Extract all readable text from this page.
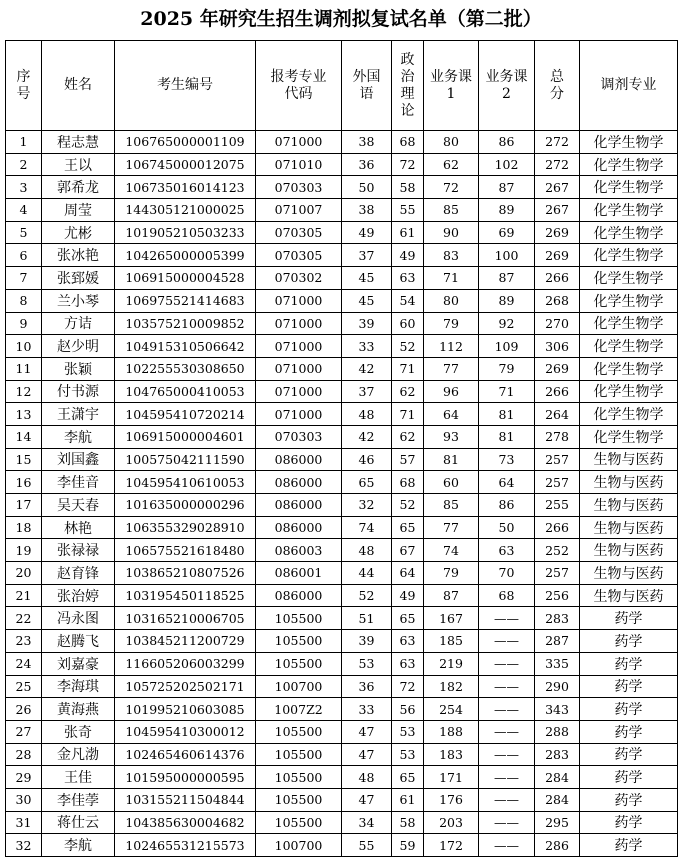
2025 年研究生招生调剂拟复试名单（第二批）
序号	姓名	考生编号	报考专业代码	外国语	政治理论	业务课 1	业务课 2	总分	调剂专业
1	程志慧	106765000001109	071000	38	68	80	86	272	化学生物学
2	王以	106745000012075	071010	36	72	62	102	272	化学生物学
3	郭希龙	106735016014123	070303	50	58	72	87	267	化学生物学
4	周莹	144305121000025	071007	38	55	85	89	267	化学生物学
5	尤彬	101905210503233	070305	49	61	90	69	269	化学生物学
6	张冰艳	104265000005399	070305	37	49	83	100	269	化学生物学
7	张郅媛	106915000004528	070302	45	63	71	87	266	化学生物学
8	兰小琴	106975521414683	071000	45	54	80	89	268	化学生物学
9	方诘	103575210009852	071000	39	60	79	92	270	化学生物学
10	赵少明	104915310506642	071000	33	52	112	109	306	化学生物学
11	张颖	102255530308650	071000	42	71	77	79	269	化学生物学
12	付书源	104765000410053	071000	37	62	96	71	266	化学生物学
13	王潇宇	104595410720214	071000	48	71	64	81	264	化学生物学
14	李航	106915000004601	070303	42	62	93	81	278	化学生物学
15	刘国鑫	100575042111590	086000	46	57	81	73	257	生物与医药
16	李佳音	104595410610053	086000	65	68	60	64	257	生物与医药
17	吴天春	101635000000296	086000	32	52	85	86	255	生物与医药
18	林艳	106355329028910	086000	74	65	77	50	266	生物与医药
19	张禄禄	106575521618480	086003	48	67	74	63	252	生物与医药
20	赵育锋	103865210807526	086001	44	64	79	70	257	生物与医药
21	张治婷	103195450118525	086000	52	49	87	68	256	生物与医药
22	冯永图	103165210006705	105500	51	65	167	——	283	药学
23	赵腾飞	103845211200729	105500	39	63	185	——	287	药学
24	刘嘉豪	116605206003299	105500	53	63	219	——	335	药学
25	李海琪	105725202502171	100700	36	72	182	——	290	药学
26	黄海燕	101995210603085	1007Z2	33	56	254	——	343	药学
27	张奇	104595410300012	105500	47	53	188	——	288	药学
28	金凡渤	102465460614376	105500	47	53	183	——	283	药学
29	王佳	101595000000595	105500	48	65	171	——	284	药学
30	李佳荸	103155211504844	105500	47	61	176	——	284	药学
31	蒋仕云	104385630004682	105500	34	58	203	——	295	药学
32	李航	102465531215573	100700	55	59	172	——	286	药学
